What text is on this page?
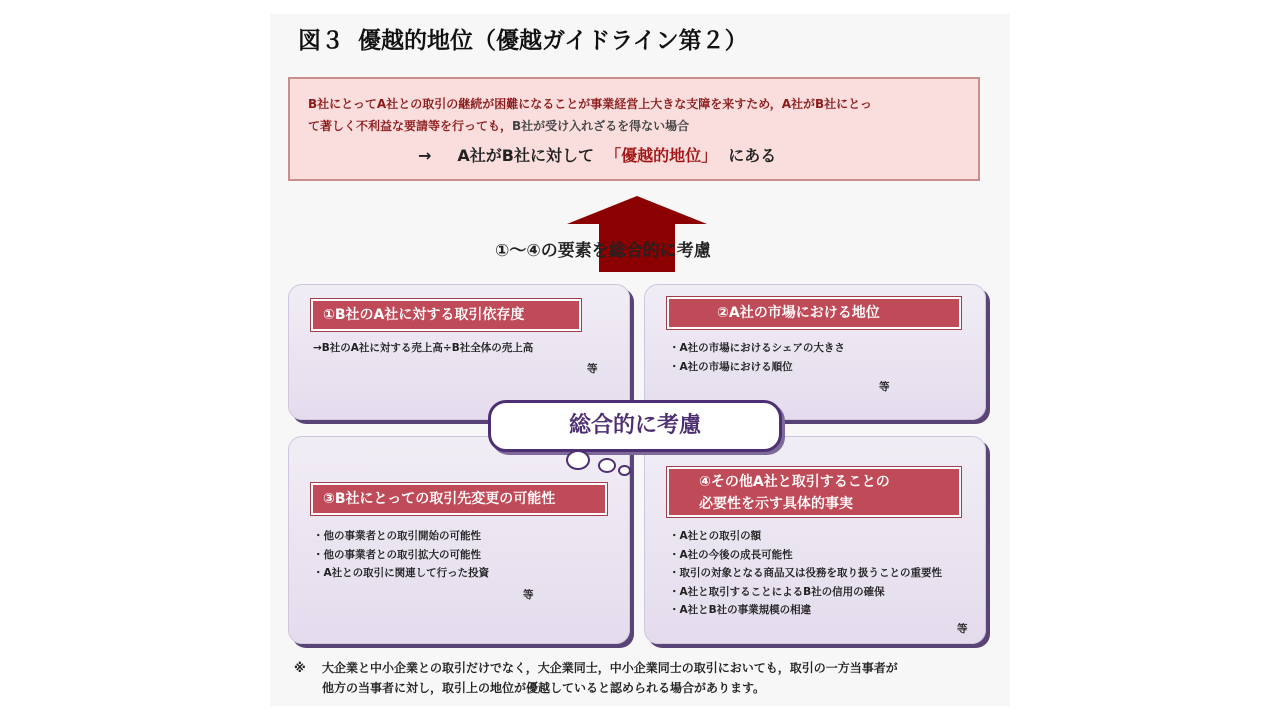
図３ 優越的地位（優越ガイドライン第２）
B社にとってA社との取引の継続が困難になることが事業経営上大きな支障を来すため，A社がB社にとっ
て著しく不利益な要請等を行っても，B社が受け入れざるを得ない場合
→ A社がB社に対して 「優越的地位」 にある
①～④の要素を総合的に考慮
①B社のA社に対する取引依存度
→B社のA社に対する売上高÷B社全体の売上高
等
②A社の市場における地位
・A社の市場におけるシェアの大きさ
・A社の市場における順位
等
③B社にとっての取引先変更の可能性
・他の事業者との取引開始の可能性
・他の事業者との取引拡大の可能性
・A社との取引に関連して行った投資
等
④その他A社と取引することの
必要性を示す具体的事実
・A社との取引の額
・A社の今後の成長可能性
・取引の対象となる商品又は役務を取り扱うことの重要性
・A社と取引することによるB社の信用の確保
・A社とB社の事業規模の相違
等
総合的に考慮
※ 大企業と中小企業との取引だけでなく，大企業同士，中小企業同士の取引においても，取引の一方当事者が
他方の当事者に対し，取引上の地位が優越していると認められる場合があります。
